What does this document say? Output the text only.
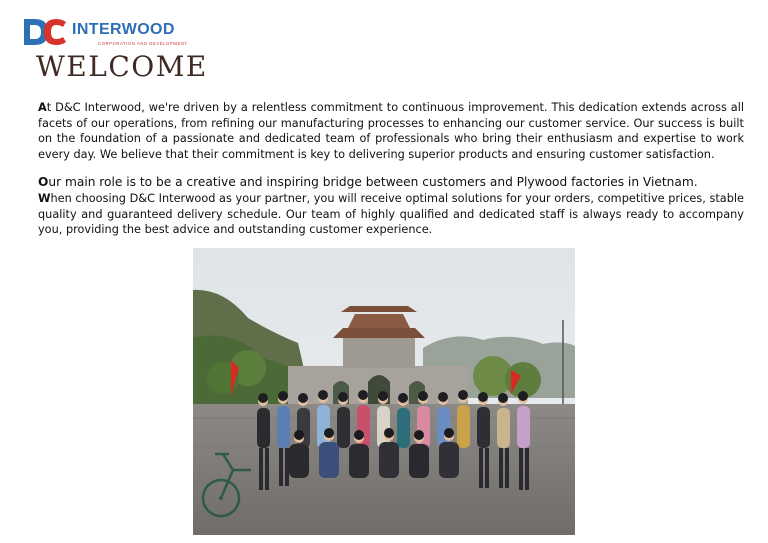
INTERWOOD
CORPORATION AND DEVELOPMENT
WELCOME

At D&C Interwood, we're driven by a relentless commitment to continuous improvement. This dedication extends across all facets of our operations, from refining our manufacturing processes to enhancing our customer service. Our success is built on the foundation of a passionate and dedicated team of professionals who bring their enthusiasm and expertise to work every day. We believe that their commitment is key to delivering superior products and ensuring customer satisfaction.

Our main role is to be a creative and inspiring bridge between customers and Plywood factories in Vietnam.

When choosing D&C Interwood as your partner, you will receive optimal solutions for your orders, competitive prices, stable quality and guaranteed delivery schedule. Our team of highly qualified and dedicated staff is always ready to accompany you, providing the best advice and outstanding customer experience.
